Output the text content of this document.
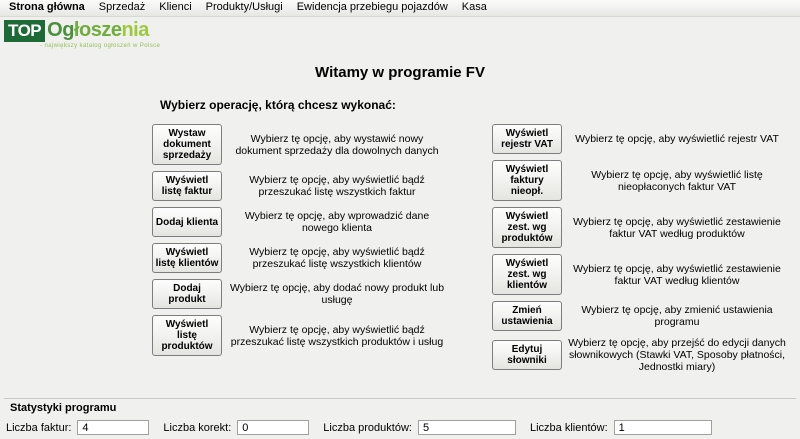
Strona główna	Sprzedaż	Klienci	Produkty/Usługi	Ewidencja przebiegu pojazdów	Kasa
TOP Ogłoszenia
- największy katalog ogłoszeń w Polsce
Witamy w programie FV
Wybierz operację, którą chcesz wykonać:
Wystaw dokument sprzedaży
Wybierz tę opcję, aby wystawić nowy dokument sprzedaży dla dowolnych danych
Wyświetl listę faktur
Wybierz tę opcję, aby wyświetlić bądź przeszukać listę wszystkich faktur
Dodaj klienta	Wybierz tę opcję, aby wprowadzić dane nowego klienta
Wyświetl listę klientów
Wybierz tę opcję, aby wyświetlić bądź przeszukać listę wszystkich klientów
Dodaj produkt
Wybierz tę opcję, aby dodać nowy produkt lub usługę
Wyświetl listę produktów
Wybierz tę opcję, aby wyświetlić bądź przeszukać listę wszystkich produktów i usług
Wyświetl rejestr VAT	Wybierz tę opcję, aby wyświetlić rejestr VAT
Wyświetl faktury nieopł.
Wybierz tę opcję, aby wyświetlić listę nieopłaconych faktur VAT
Wyświetl zest. wg produktów
Wybierz tę opcję, aby wyświetlić zestawienie faktur VAT według produktów
Wyświetl zest. wg klientów
Wybierz tę opcję, aby wyświetlić zestawienie faktur VAT według klientów
Zmień ustawienia
Wybierz tę opcję, aby zmienić ustawienia programu
Edytuj słowniki
Wybierz tę opcję, aby przejść do edycji danych słownikowych (Stawki VAT, Sposoby płatności, Jednostki miary)
Statystyki programu
Liczba faktur:	4	Liczba korekt:	0	Liczba produktów:	5	Liczba klientów:	1
